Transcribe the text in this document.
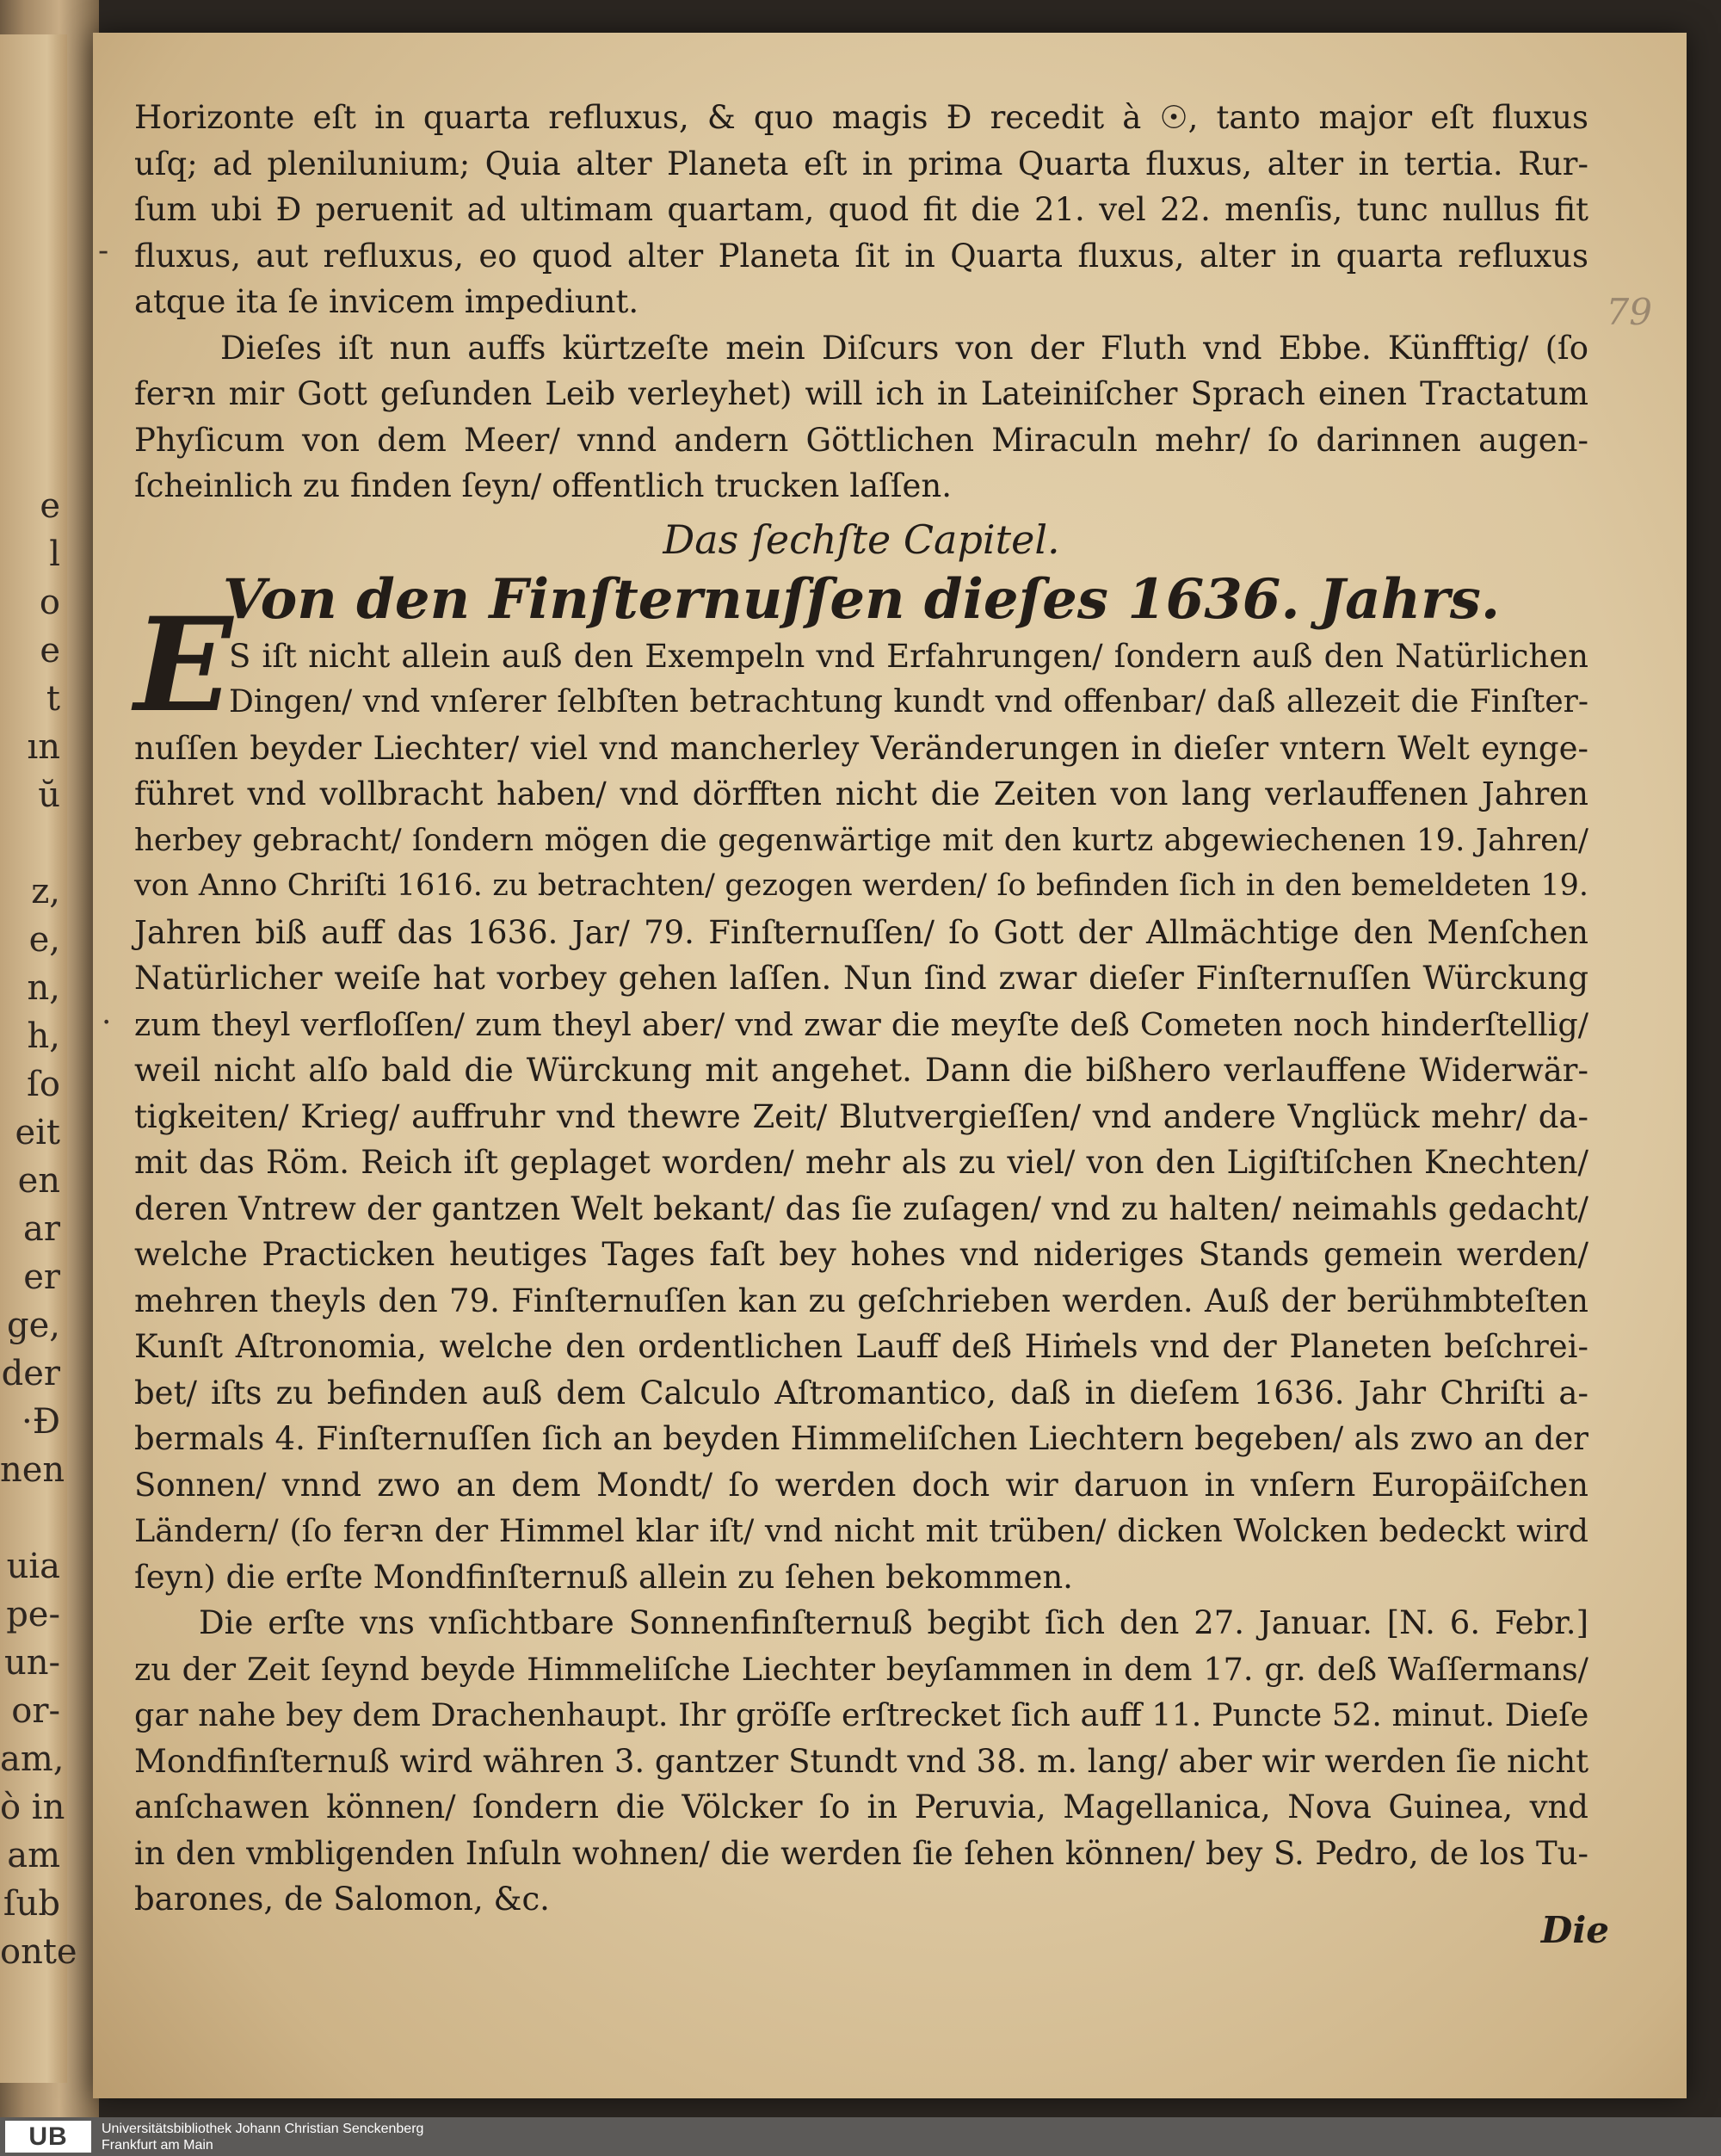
e
l
o
e
t
ın
ŭ
z,
e,
n,
h,
ſo
eit
en
ar
er
ge,
der
·Ɖ
nen
uia
pe-
un-
or-
am,
ò in
am
ſub
onte
79
-
·
Horizonte eſt in quarta refluxus, & quo magis Ɖ recedit à ☉, tanto major eſt fluxus
uſq; ad plenilunium; Quia alter Planeta eſt in prima Quarta fluxus, alter in tertia. Rur-
ſum ubi Ɖ peruenit ad ultimam quartam, quod fit die 21. vel 22. menſis, tunc nullus fit
fluxus, aut refluxus, eo quod alter Planeta ſit in Quarta fluxus, alter in quarta refluxus
atque ita ſe invicem impediunt.
Dieſes iſt nun auffs kürtzeſte mein Diſcurs von der Fluth vnd Ebbe. Künfftig/ (ſo
ferꝛn mir Gott geſunden Leib verleyhet) will ich in Lateiniſcher Sprach einen Tractatum
Phyſicum von dem Meer/ vnnd andern Göttlichen Miraculn mehr/ ſo darinnen augen-
ſcheinlich zu finden ſeyn/ offentlich trucken laſſen.
Das ſechſte Capitel.
Von den Finſternuſſen dieſes 1636. Jahrs.
S iſt nicht allein auß den Exempeln vnd Erfahrungen/ ſondern auß den Natürlichen
Dingen/ vnd vnſerer ſelbſten betrachtung kundt vnd offenbar/ daß allezeit die Finſter-
nuſſen beyder Liechter/ viel vnd mancherley Veränderungen in dieſer vntern Welt eynge-
führet vnd vollbracht haben/ vnd dörfften nicht die Zeiten von lang verlauffenen Jahren
herbey gebracht/ ſondern mögen die gegenwärtige mit den kurtz abgewiechenen 19. Jahren/
von Anno Chriſti 1616. zu betrachten/ gezogen werden/ ſo befinden ſich in den bemeldeten 19.
Jahren biß auff das 1636. Jar/ 79. Finſternuſſen/ ſo Gott der Allmächtige den Menſchen
Natürlicher weiſe hat vorbey gehen laſſen. Nun ſind zwar dieſer Finſternuſſen Würckung
zum theyl verfloſſen/ zum theyl aber/ vnd zwar die meyſte deß Cometen noch hinderſtellig/
weil nicht alſo bald die Würckung mit angehet. Dann die bißhero verlauffene Widerwär-
tigkeiten/ Krieg/ auffruhr vnd thewre Zeit/ Blutvergieſſen/ vnd andere Vnglück mehr/ da-
mit das Röm. Reich iſt geplaget worden/ mehr als zu viel/ von den Ligiſtiſchen Knechten/
deren Vntrew der gantzen Welt bekant/ das ſie zuſagen/ vnd zu halten/ neimahls gedacht/
welche Practicken heutiges Tages faſt bey hohes vnd nideriges Stands gemein werden/
mehren theyls den 79. Finſternuſſen kan zu geſchrieben werden. Auß der berühmbteſten
Kunſt Aſtronomia, welche den ordentlichen Lauff deß Hiṁels vnd der Planeten beſchrei-
bet/ iſts zu befinden auß dem Calculo Aſtromantico, daß in dieſem 1636. Jahr Chriſti a-
bermals 4. Finſternuſſen ſich an beyden Himmeliſchen Liechtern begeben/ als zwo an der
Sonnen/ vnnd zwo an dem Mondt/ ſo werden doch wir daruon in vnſern Europäiſchen
Ländern/ (ſo ferꝛn der Himmel klar iſt/ vnd nicht mit trüben/ dicken Wolcken bedeckt wird
ſeyn) die erſte Mondfinſternuß allein zu ſehen bekommen.
Die erſte vns vnſichtbare Sonnenfinſternuß begibt ſich den 27. Januar. [N. 6. Febr.]
zu der Zeit ſeynd beyde Himmeliſche Liechter beyſammen in dem 17. gr. deß Waſſermans/
gar nahe bey dem Drachenhaupt. Ihr gröſſe erſtrecket ſich auff 11. Puncte 52. minut. Dieſe
Mondfinſternuß wird währen 3. gantzer Stundt vnd 38. m. lang/ aber wir werden ſie nicht
anſchawen können/ ſondern die Völcker ſo in Peruvia, Magellanica, Nova Guinea, vnd
in den vmbligenden Inſuln wohnen/ die werden ſie ſehen können/ bey S. Pedro, de los Tu-
barones, de Salomon, &c.
E
Die
UB Universitätsbibliothek Johann Christian Senckenberg
Frankfurt am Main
